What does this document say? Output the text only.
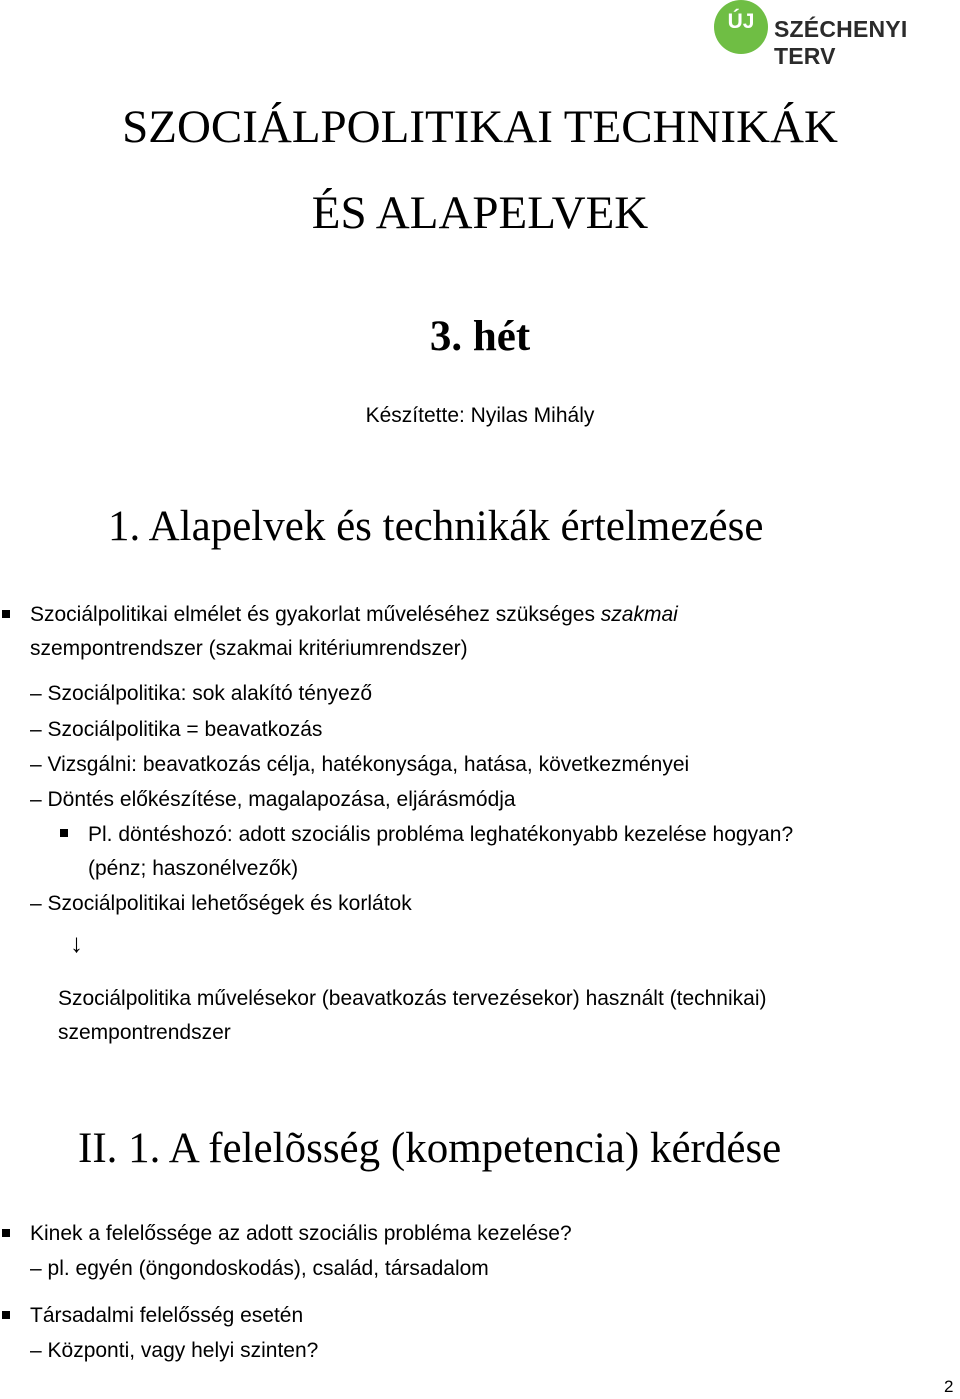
ÚJ SZÉCHENYI TERV
SZOCIÁLPOLITIKAI TECHNIKÁK
ÉS ALAPELVEK
3. hét
Készítette: Nyilas Mihály
1. Alapelvek és technikák értelmezése
Szociálpolitikai elmélet és gyakorlat műveléséhez szükséges szakmai
szempontrendszer (szakmai kritériumrendszer)
– Szociálpolitika: sok alakító tényező
– Szociálpolitika = beavatkozás
– Vizsgálni: beavatkozás célja, hatékonysága, hatása, következményei
– Döntés előkészítése, magalapozása, eljárásmódja
Pl. döntéshozó: adott szociális probléma leghatékonyabb kezelése hogyan?
(pénz; haszonélvezők)
– Szociálpolitikai lehetőségek és korlátok
↓
Szociálpolitika művelésekor (beavatkozás tervezésekor) használt (technikai)
szempontrendszer
II. 1. A felelõsség (kompetencia) kérdése
Kinek a felelőssége az adott szociális probléma kezelése?
– pl. egyén (öngondoskodás), család, társadalom
Társadalmi felelősség esetén
– Központi, vagy helyi szinten?
2
